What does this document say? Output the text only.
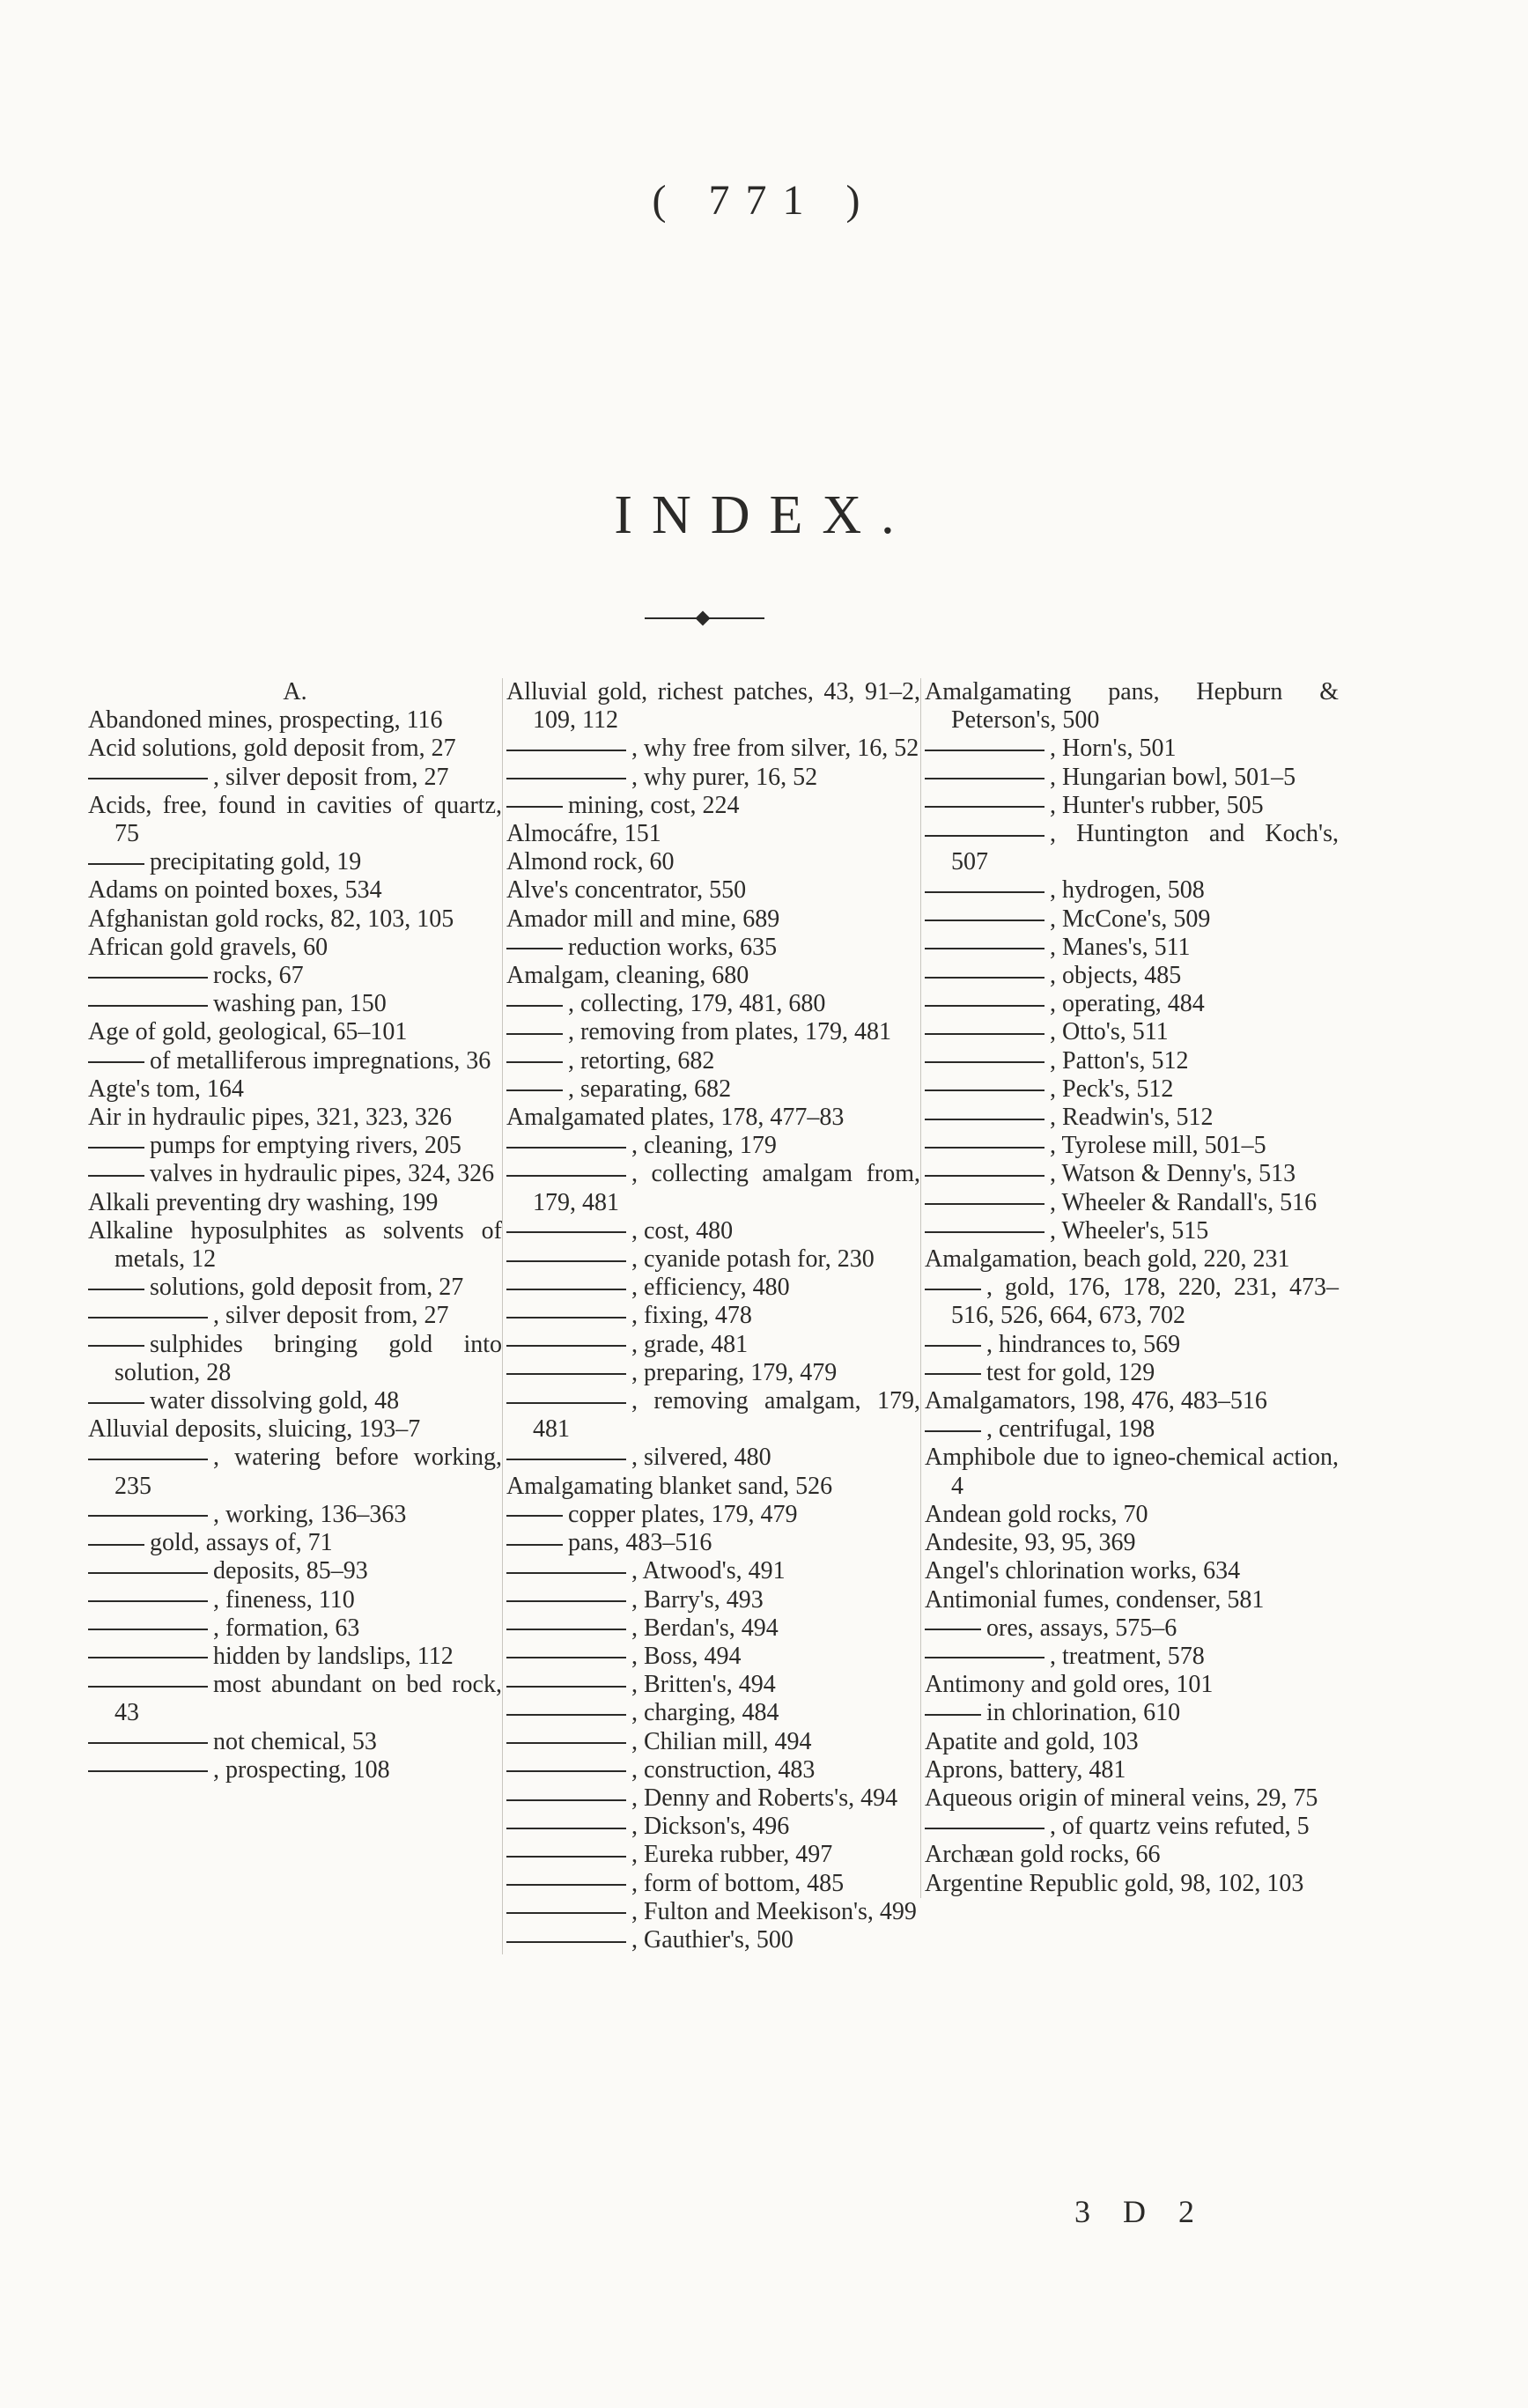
( 771 )
INDEX.
A.
Abandoned mines, prospecting, 116
Acid solutions, gold deposit from, 27
, silver deposit from, 27
Acids, free, found in cavities of quartz, 75
precipitating gold, 19
Adams on pointed boxes, 534
Afghanistan gold rocks, 82, 103, 105
African gold gravels, 60
rocks, 67
washing pan, 150
Age of gold, geological, 65–101
of metalliferous impregnations, 36
Agte's tom, 164
Air in hydraulic pipes, 321, 323, 326
pumps for emptying rivers, 205
valves in hydraulic pipes, 324, 326
Alkali preventing dry washing, 199
Alkaline hyposulphites as solvents of metals, 12
solutions, gold deposit from, 27
, silver deposit from, 27
sulphides bringing gold into solution, 28
water dissolving gold, 48
Alluvial deposits, sluicing, 193–7
, watering before working, 235
, working, 136–363
gold, assays of, 71
deposits, 85–93
, fineness, 110
, formation, 63
hidden by landslips, 112
most abundant on bed rock, 43
not chemical, 53
, prospecting, 108
Alluvial gold, richest patches, 43, 91–2, 109, 112
, why free from silver, 16, 52
, why purer, 16, 52
mining, cost, 224
Almocáfre, 151
Almond rock, 60
Alve's concentrator, 550
Amador mill and mine, 689
reduction works, 635
Amalgam, cleaning, 680
, collecting, 179, 481, 680
, removing from plates, 179, 481
, retorting, 682
, separating, 682
Amalgamated plates, 178, 477–83
, cleaning, 179
, collecting amalgam from, 179, 481
, cost, 480
, cyanide potash for, 230
, efficiency, 480
, fixing, 478
, grade, 481
, preparing, 179, 479
, removing amalgam, 179, 481
, silvered, 480
Amalgamating blanket sand, 526
copper plates, 179, 479
pans, 483–516
, Atwood's, 491
, Barry's, 493
, Berdan's, 494
, Boss, 494
, Britten's, 494
, charging, 484
, Chilian mill, 494
, construction, 483
, Denny and Roberts's, 494
, Dickson's, 496
, Eureka rubber, 497
, form of bottom, 485
, Fulton and Meekison's, 499
, Gauthier's, 500
Amalgamating pans, Hepburn & Peterson's, 500
, Horn's, 501
, Hungarian bowl, 501–5
, Hunter's rubber, 505
, Huntington and Koch's, 507
, hydrogen, 508
, McCone's, 509
, Manes's, 511
, objects, 485
, operating, 484
, Otto's, 511
, Patton's, 512
, Peck's, 512
, Readwin's, 512
, Tyrolese mill, 501–5
, Watson & Denny's, 513
, Wheeler & Randall's, 516
, Wheeler's, 515
Amalgamation, beach gold, 220, 231
, gold, 176, 178, 220, 231, 473–516, 526, 664, 673, 702
, hindrances to, 569
test for gold, 129
Amalgamators, 198, 476, 483–516
, centrifugal, 198
Amphibole due to igneo-chemical action, 4
Andean gold rocks, 70
Andesite, 93, 95, 369
Angel's chlorination works, 634
Antimonial fumes, condenser, 581
ores, assays, 575–6
, treatment, 578
Antimony and gold ores, 101
in chlorination, 610
Apatite and gold, 103
Aprons, battery, 481
Aqueous origin of mineral veins, 29, 75
, of quartz veins refuted, 5
Archæan gold rocks, 66
Argentine Republic gold, 98, 102, 103
3 D 2
